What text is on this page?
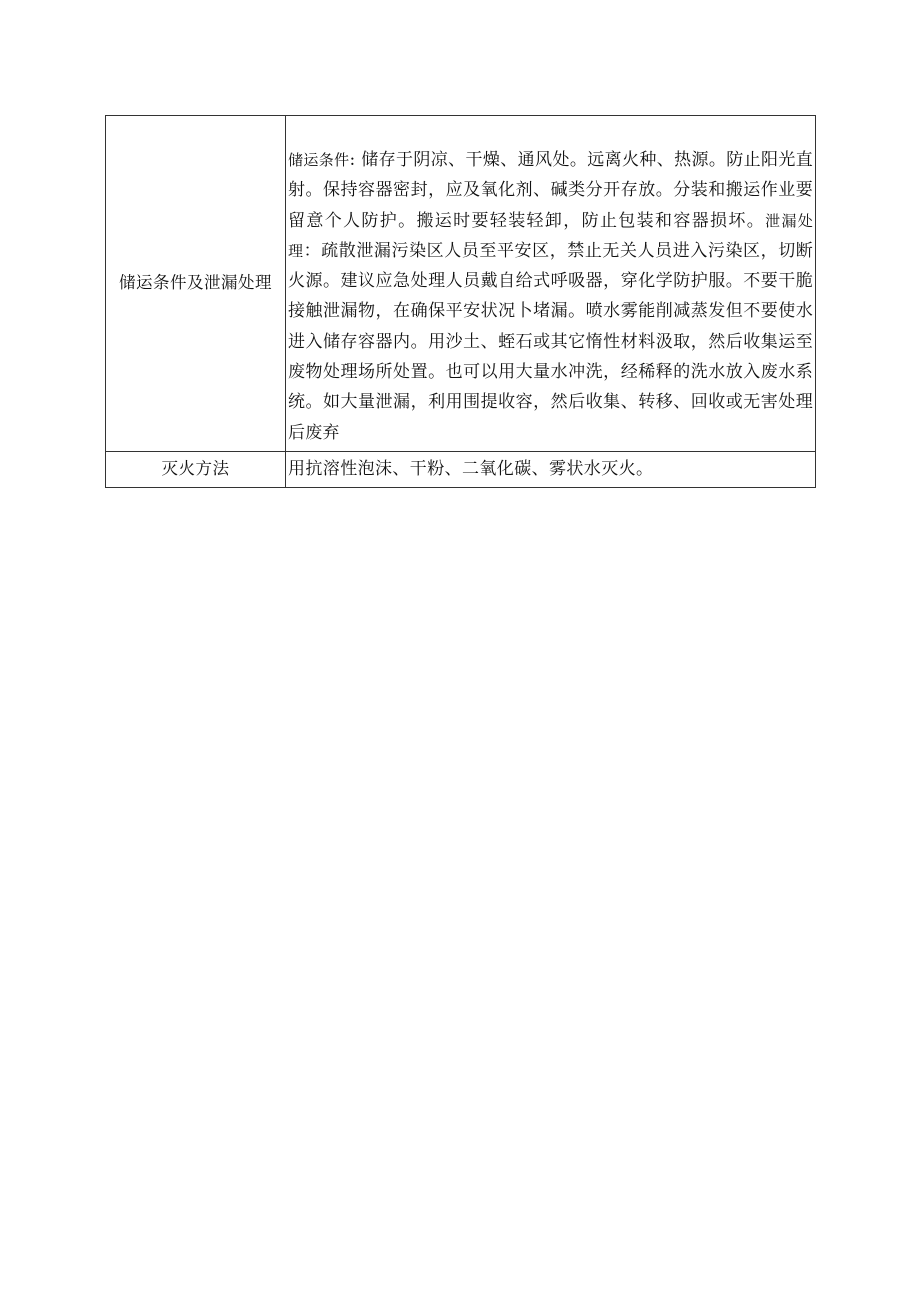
储运条件及泄漏处理	储运条件: 储存于阴凉、干燥、通风处。远离火种、热源。防止阳光直射。保持容器密封，应及氧化剂、碱类分开存放。分装和搬运作业要留意个人防护。搬运时要轻装轻卸，防止包装和容器损坏。泄漏处理：疏散泄漏污染区人员至平安区，禁止无关人员进入污染区，切断火源。建议应急处理人员戴自给式呼吸器，穿化学防护服。不要干脆接触泄漏物，在确保平安状况卜堵漏。喷水雾能削减蒸发但不要使水进入储存容器内。用沙土、蛭石或其它惰性材料汲取，然后收集运至废物处理场所处置。也可以用大量水冲洗，经稀释的洗水放入废水系统。如大量泄漏，利用围提收容，然后收集、转移、回收或无害处理后废弃
灭火方法	用抗溶性泡沫、干粉、二氧化碳、雾状水灭火。
